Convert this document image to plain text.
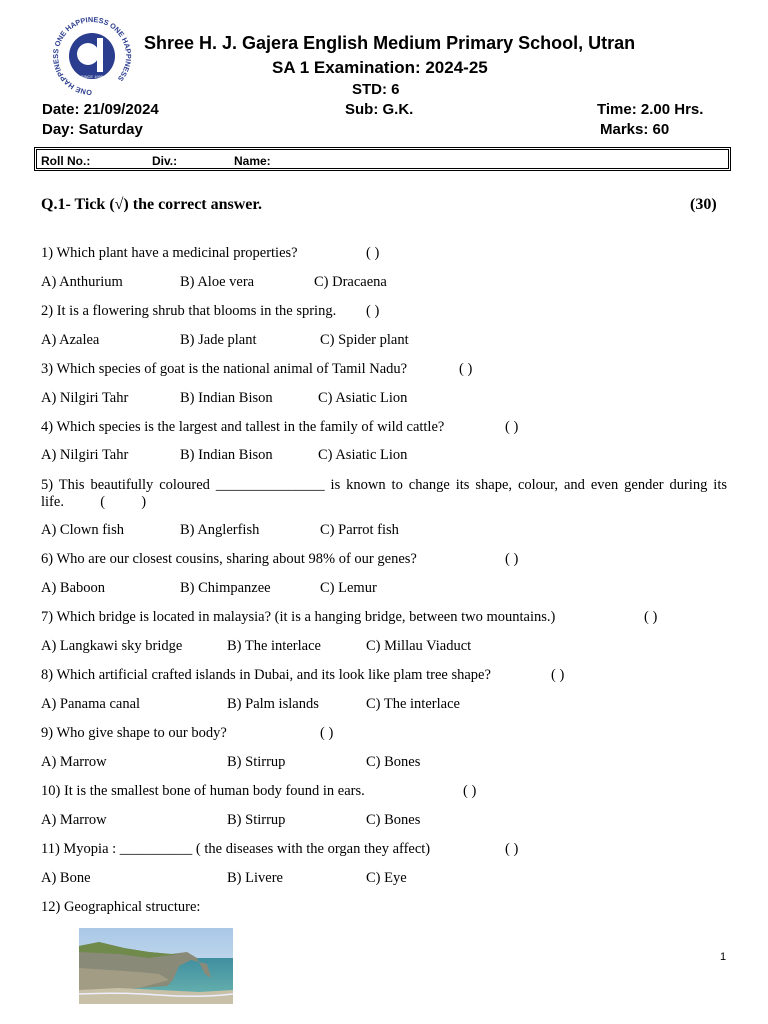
ONE HAPPINESS ONE HAPPINESS ONE HAPPINESS
SINCE 1995
Shree H. J. Gajera English Medium Primary School, Utran
SA 1 Examination: 2024-25
STD: 6
Date: 21/09/2024	Sub: G.K.	Time: 2.00 Hrs.
Day: Saturday	Marks: 60
Roll No.:	Div.:	Name:
Q.1- Tick (√) the correct answer.	(30)
1) Which plant have a medicinal properties?	( )
A) Anthurium	B) Aloe vera	C) Dracaena
2) It is a flowering shrub that blooms in the spring. ( )
A) Azalea	B) Jade plant	C) Spider plant
3) Which species of goat is the national animal of Tamil Nadu?	( )
A) Nilgiri Tahr	B) Indian Bison	C) Asiatic Lion
4) Which species is the largest and tallest in the family of wild cattle?	( )
A) Nilgiri Tahr	B) Indian Bison	C) Asiatic Lion
5) This beautifully coloured _______________ is known to change its shape, colour, and even gender during its life.	(          )
A) Clown fish	B) Anglerfish	C) Parrot fish
6) Who are our closest cousins, sharing about 98% of our genes?	( )
A) Baboon	B) Chimpanzee	C) Lemur
7) Which bridge is located in malaysia? (it is a hanging bridge, between two mountains.)	( )
A) Langkawi sky bridge	B) The interlace	C) Millau Viaduct
8) Which artificial crafted islands in Dubai, and its look like plam tree shape?	( )
A) Panama canal	B) Palm islands	C) The interlace
9) Who give shape to our body?	( )
A) Marrow	B) Stirrup	C) Bones
10) It is the smallest bone of human body found in ears.	( )
A) Marrow	B) Stirrup	C) Bones
11) Myopia : __________ ( the diseases with the organ they affect)	( )
A) Bone	B) Livere	C) Eye
12) Geographical structure:
1
